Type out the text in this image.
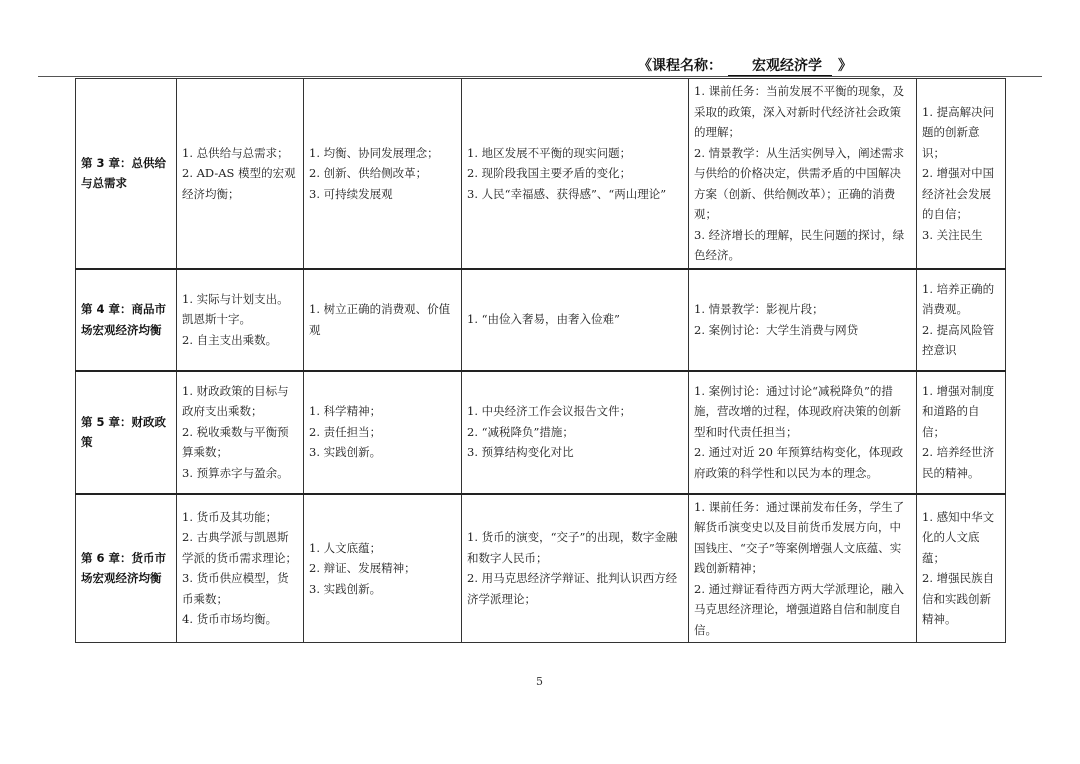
《课程名称： 宏观经济学 》
第 3 章：总供给与总需求	1. 总供给与总需求；
2. AD-AS 模型的宏观经济均衡；	1. 均衡、协同发展理念；
2. 创新、供给侧改革；
3. 可持续发展观	1. 地区发展不平衡的现实问题；
2. 现阶段我国主要矛盾的变化；
3. 人民“幸福感、获得感”、“两山理论”	1. 课前任务：当前发展不平衡的现象，及采取的政策，深入对新时代经济社会政策的理解；
2. 情景教学：从生活实例导入，阐述需求与供给的价格决定，供需矛盾的中国解决方案（创新、供给侧改革）；正确的消费观；
3. 经济增长的理解，民生问题的探讨，绿色经济。	1. 提高解决问题的创新意识；
2. 增强对中国经济社会发展的自信；
3. 关注民生

第 4 章：商品市场宏观经济均衡	1. 实际与计划支出。凯恩斯十字。
2. 自主支出乘数。	1. 树立正确的消费观、价值观	1. “由俭入奢易，由奢入俭难”	1. 情景教学：影视片段；
2. 案例讨论：大学生消费与网贷	1. 培养正确的消费观。
2. 提高风险管控意识

第 5 章：财政政策	1. 财政政策的目标与政府支出乘数；
2. 税收乘数与平衡预算乘数；
3. 预算赤字与盈余。	1. 科学精神；
2. 责任担当；
3. 实践创新。	1. 中央经济工作会议报告文件；
2. “减税降负”措施；
3. 预算结构变化对比	1. 案例讨论：通过讨论“减税降负”的措施，营改增的过程，体现政府决策的创新型和时代责任担当；
2. 通过对近 20 年预算结构变化，体现政府政策的科学性和以民为本的理念。	1. 增强对制度和道路的自信；
2. 培养经世济民的精神。

第 6 章：货币市场宏观经济均衡	1. 货币及其功能；
2. 古典学派与凯恩斯学派的货币需求理论；
3. 货币供应模型，货币乘数；
4. 货币市场均衡。	1. 人文底蕴；
2. 辩证、发展精神；
3. 实践创新。	1. 货币的演变，“交子”的出现，数字金融和数字人民币；
2. 用马克思经济学辩证、批判认识西方经济学派理论；	1. 课前任务：通过课前发布任务，学生了解货币演变史以及目前货币发展方向，中国钱庄、“交子”等案例增强人文底蕴、实践创新精神；
2. 通过辩证看待西方两大学派理论，融入马克思经济理论，增强道路自信和制度自信。	1. 感知中华文化的人文底蕴；
2. 增强民族自信和实践创新精神。
5
